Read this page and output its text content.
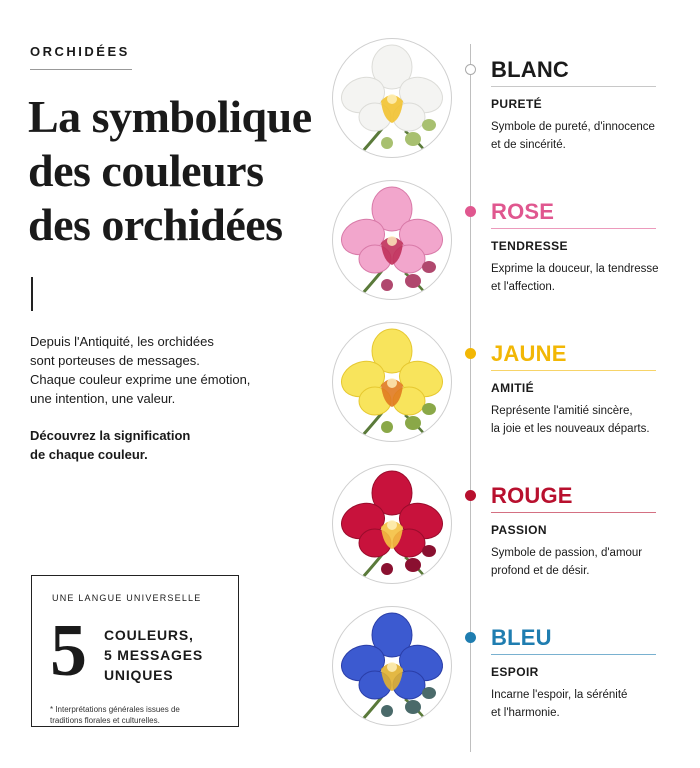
ORCHIDÉES
La symbolique
des couleurs
des orchidées
Depuis l'Antiquité, les orchidées
sont porteuses de messages.
Chaque couleur exprime une émotion,
une intention, une valeur.
Découvrez la signification
de chaque couleur.
UNE LANGUE UNIVERSELLE
5 COULEURS,
5 MESSAGES
UNIQUES
* Interprétations générales issues de
traditions florales et culturelles.
BLANC
PURETÉ
Symbole de pureté, d'innocence
et de sincérité.
ROSE
TENDRESSE
Exprime la douceur, la tendresse
et l'affection.
JAUNE
AMITIÉ
Représente l'amitié sincère,
la joie et les nouveaux départs.
ROUGE
PASSION
Symbole de passion, d'amour
profond et de désir.
BLEU
ESPOIR
Incarne l'espoir, la sérénité
et l'harmonie.
